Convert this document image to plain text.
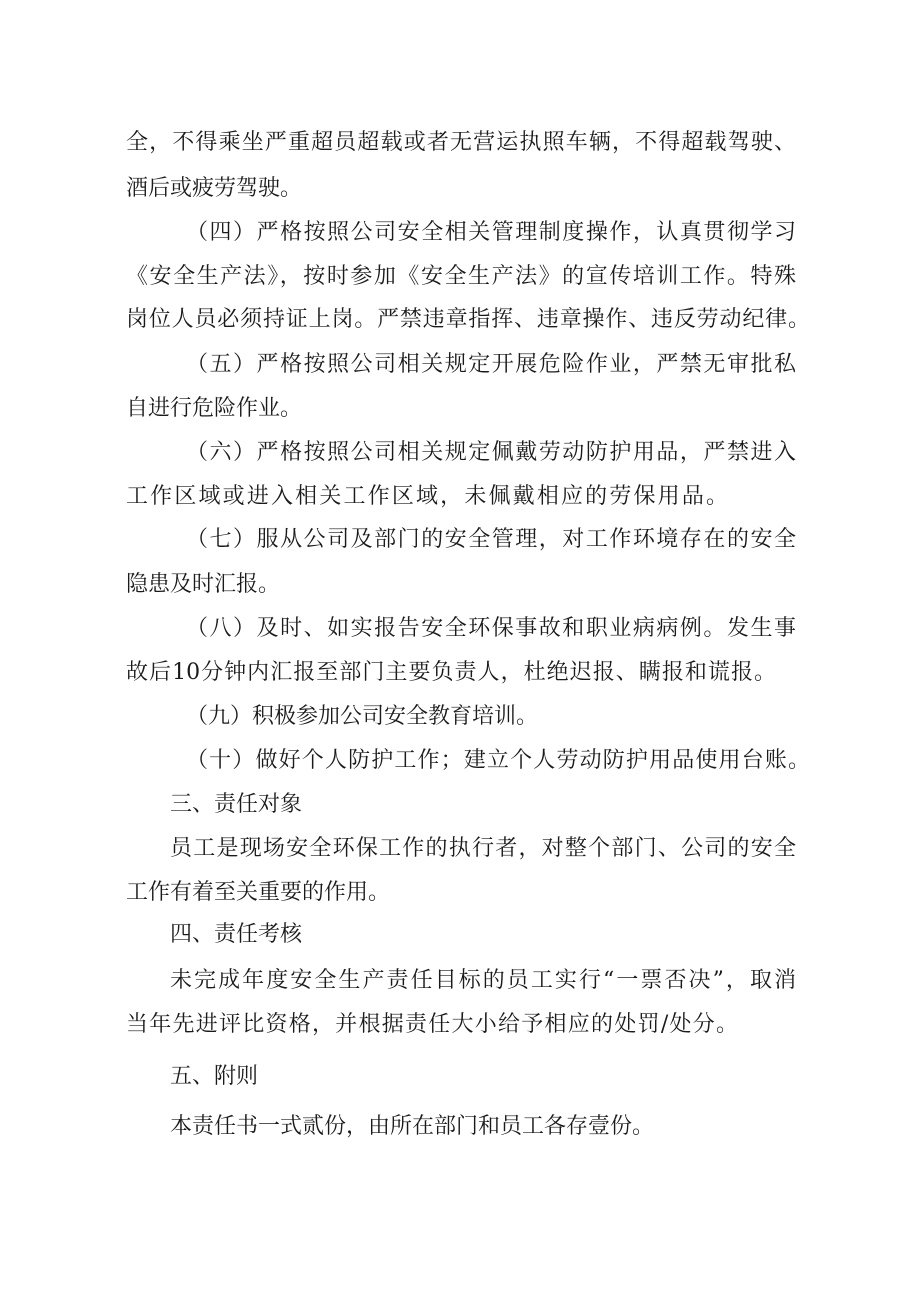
全，不得乘坐严重超员超载或者无营运执照车辆，不得超载驾驶、

酒后或疲劳驾驶。

（四）严格按照公司安全相关管理制度操作，认真贯彻学习

《安全生产法》，按时参加《安全生产法》的宣传培训工作。特殊

岗位人员必须持证上岗。严禁违章指挥、违章操作、违反劳动纪律。

（五）严格按照公司相关规定开展危险作业，严禁无审批私

自进行危险作业。

（六）严格按照公司相关规定佩戴劳动防护用品，严禁进入

工作区域或进入相关工作区域，未佩戴相应的劳保用品。

（七）服从公司及部门的安全管理，对工作环境存在的安全

隐患及时汇报。

（八）及时、如实报告安全环保事故和职业病病例。发生事

故后10分钟内汇报至部门主要负责人，杜绝迟报、瞒报和谎报。

（九）积极参加公司安全教育培训。

（十）做好个人防护工作；建立个人劳动防护用品使用台账。

三、责任对象

员工是现场安全环保工作的执行者，对整个部门、公司的安全

工作有着至关重要的作用。

四、责任考核

未完成年度安全生产责任目标的员工实行“一票否决”，取消

当年先进评比资格，并根据责任大小给予相应的处罚/处分。

五、附则

本责任书一式贰份，由所在部门和员工各存壹份。
